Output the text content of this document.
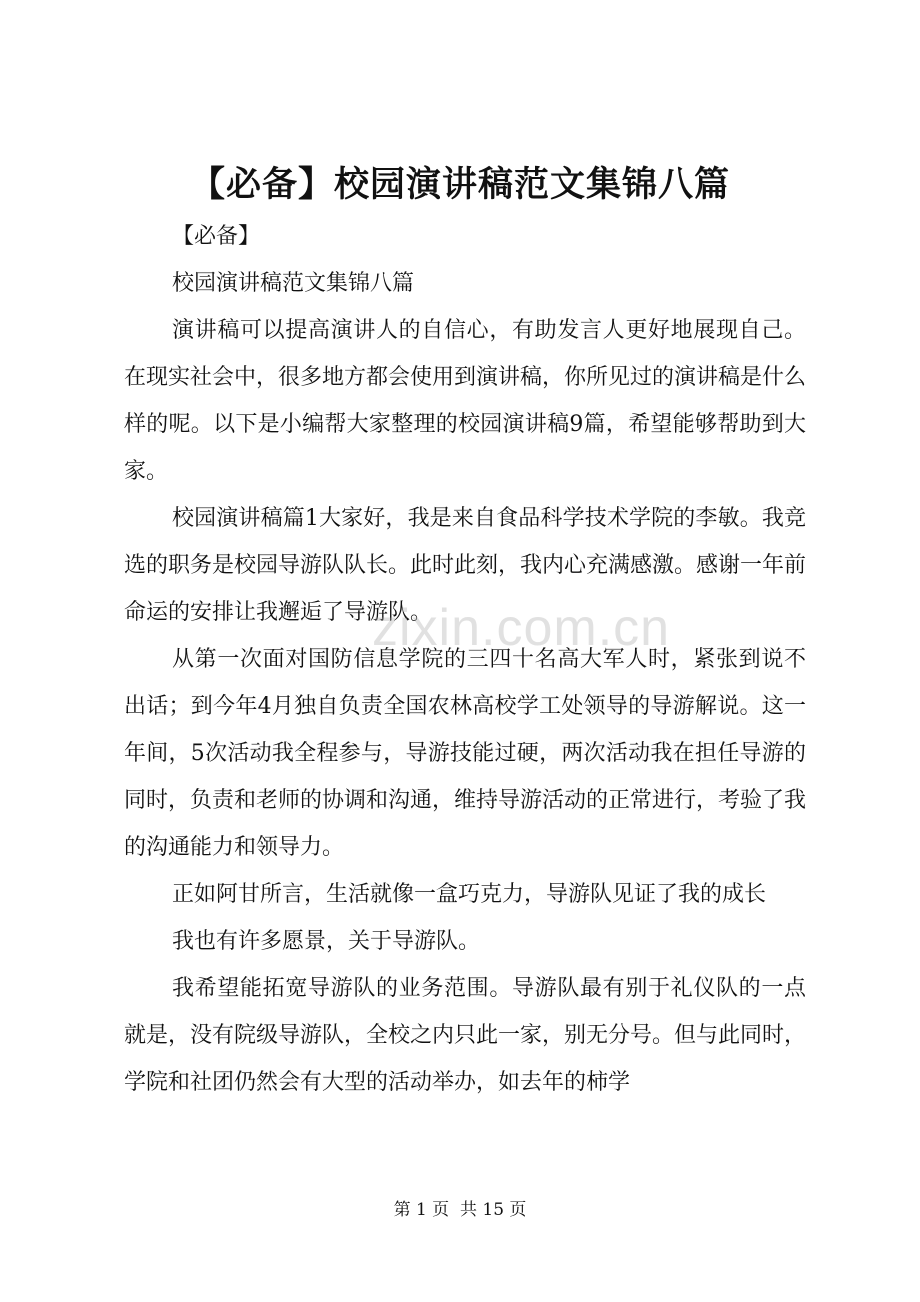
【必备】校园演讲稿范文集锦八篇

【必备】

校园演讲稿范文集锦八篇

演讲稿可以提高演讲人的自信心，有助发言人更好地展现自己。在现实社会中，很多地方都会使用到演讲稿，你所见过的演讲稿是什么样的呢。以下是小编帮大家整理的校园演讲稿9篇，希望能够帮助到大家。

校园演讲稿篇1大家好，我是来自食品科学技术学院的李敏。我竞选的职务是校园导游队队长。此时此刻，我内心充满感激。感谢一年前命运的安排让我邂逅了导游队。

从第一次面对国防信息学院的三四十名高大军人时，紧张到说不出话；到今年4月独自负责全国农林高校学工处领导的导游解说。这一年间，5次活动我全程参与，导游技能过硬，两次活动我在担任导游的同时，负责和老师的协调和沟通，维持导游活动的正常进行，考验了我的沟通能力和领导力。

正如阿甘所言，生活就像一盒巧克力，导游队见证了我的成长

我也有许多愿景，关于导游队。

我希望能拓宽导游队的业务范围。导游队最有别于礼仪队的一点就是，没有院级导游队，全校之内只此一家，别无分号。但与此同时，学院和社团仍然会有大型的活动举办，如去年的柿学

zixin.com.cn
第 1 页  共 15 页
